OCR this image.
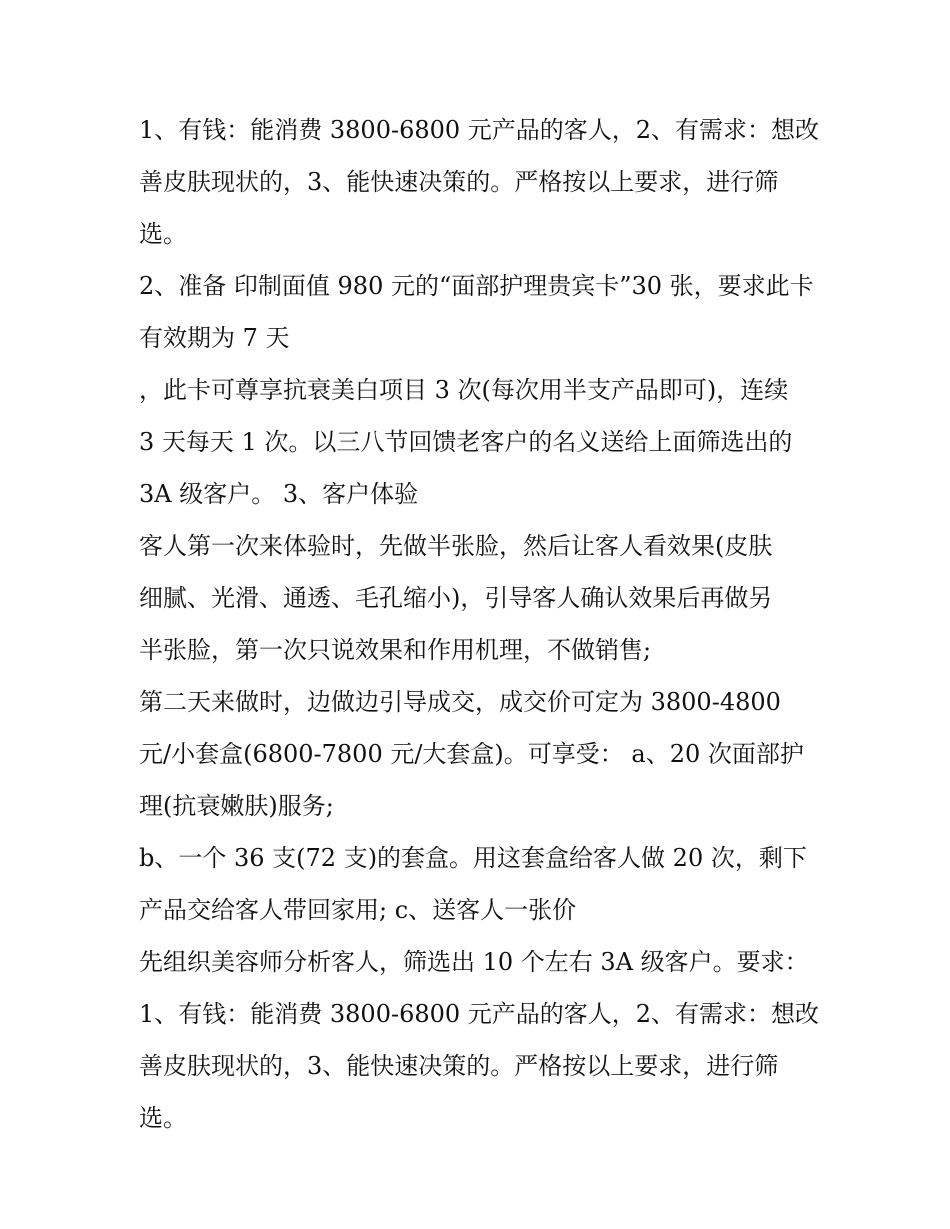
1、有钱：能消费 3800-6800 元产品的客人，2、有需求：想改
善皮肤现状的，3、能快速决策的。严格按以上要求，进行筛
选。
2、准备 印制面值 980 元的“面部护理贵宾卡”30 张，要求此卡
有效期为 7 天
，此卡可尊享抗衰美白项目 3 次(每次用半支产品即可)，连续
3 天每天 1 次。以三八节回馈老客户的名义送给上面筛选出的
3A 级客户。 3、客户体验
客人第一次来体验时，先做半张脸，然后让客人看效果(皮肤
细腻、光滑、通透、毛孔缩小)，引导客人确认效果后再做另
半张脸，第一次只说效果和作用机理，不做销售;
第二天来做时，边做边引导成交，成交价可定为 3800-4800
元/小套盒(6800-7800 元/大套盒)。可享受： a、20 次面部护
理(抗衰嫩肤)服务;
b、一个 36 支(72 支)的套盒。用这套盒给客人做 20 次，剩下
产品交给客人带回家用; c、送客人一张价
先组织美容师分析客人，筛选出 10 个左右 3A 级客户。要求：
1、有钱：能消费 3800-6800 元产品的客人，2、有需求：想改
善皮肤现状的，3、能快速决策的。严格按以上要求，进行筛
选。
